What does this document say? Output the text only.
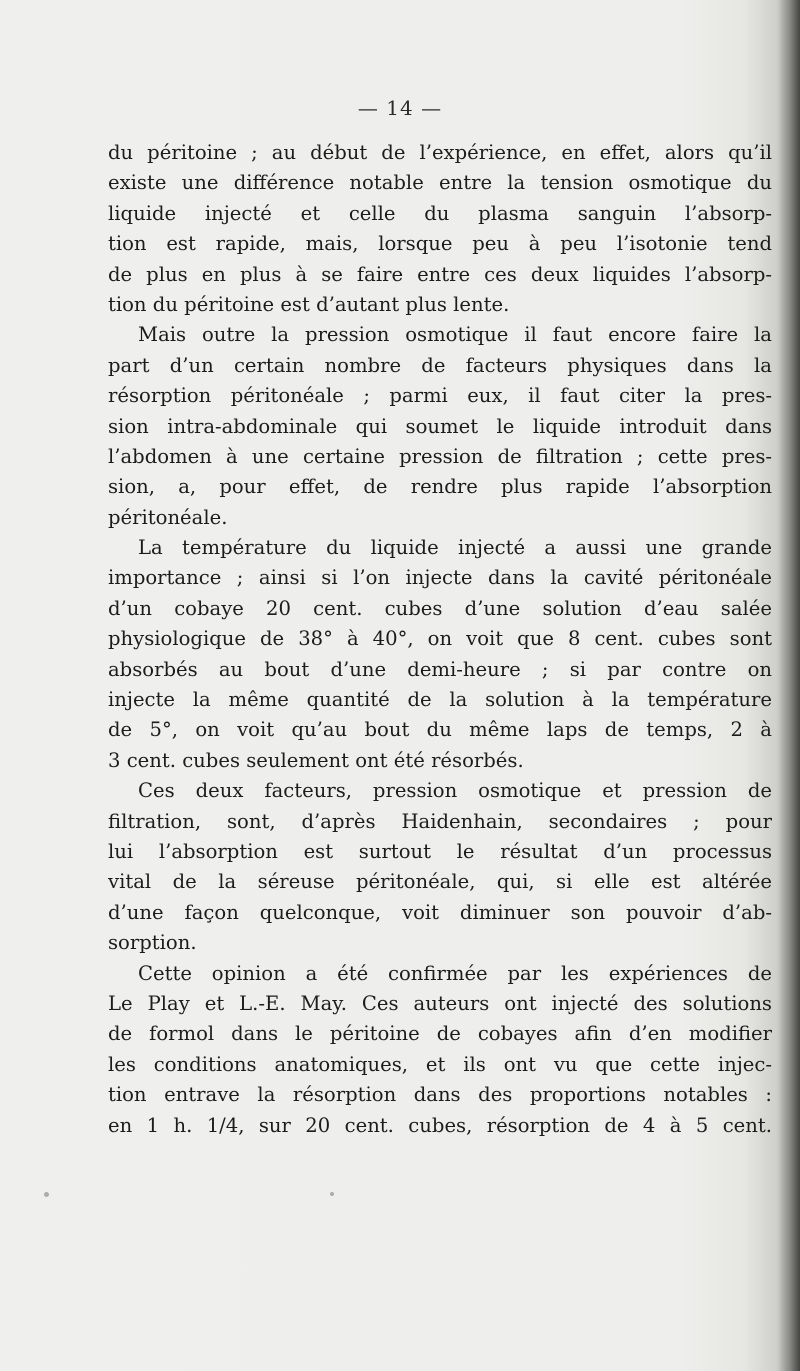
— 14 —
du péritoine ; au début de l’expérience, en effet, alors qu’il
existe une différence notable entre la tension osmotique du
liquide injecté et celle du plasma sanguin l’absorp-
tion est rapide, mais, lorsque peu à peu l’isotonie tend
de plus en plus à se faire entre ces deux liquides l’absorp-
tion du péritoine est d’autant plus lente.
Mais outre la pression osmotique il faut encore faire la
part d’un certain nombre de facteurs physiques dans la
résorption péritonéale ; parmi eux, il faut citer la pres-
sion intra-abdominale qui soumet le liquide introduit dans
l’abdomen à une certaine pression de filtration ; cette pres-
sion, a, pour effet, de rendre plus rapide l’absorption
péritonéale.
La température du liquide injecté a aussi une grande
importance ; ainsi si l’on injecte dans la cavité péritonéale
d’un cobaye 20 cent. cubes d’une solution d’eau salée
physiologique de 38° à 40°, on voit que 8 cent. cubes sont
absorbés au bout d’une demi-heure ; si par contre on
injecte la même quantité de la solution à la température
de 5°, on voit qu’au bout du même laps de temps, 2 à
3 cent. cubes seulement ont été résorbés.
Ces deux facteurs, pression osmotique et pression de
filtration, sont, d’après Haidenhain, secondaires ; pour
lui l’absorption est surtout le résultat d’un processus
vital de la séreuse péritonéale, qui, si elle est altérée
d’une façon quelconque, voit diminuer son pouvoir d’ab-
sorption.
Cette opinion a été confirmée par les expériences de
Le Play et L.-E. May. Ces auteurs ont injecté des solutions
de formol dans le péritoine de cobayes afin d’en modifier
les conditions anatomiques, et ils ont vu que cette injec-
tion entrave la résorption dans des proportions notables :
en 1 h. 1/4, sur 20 cent. cubes, résorption de 4 à 5 cent.
